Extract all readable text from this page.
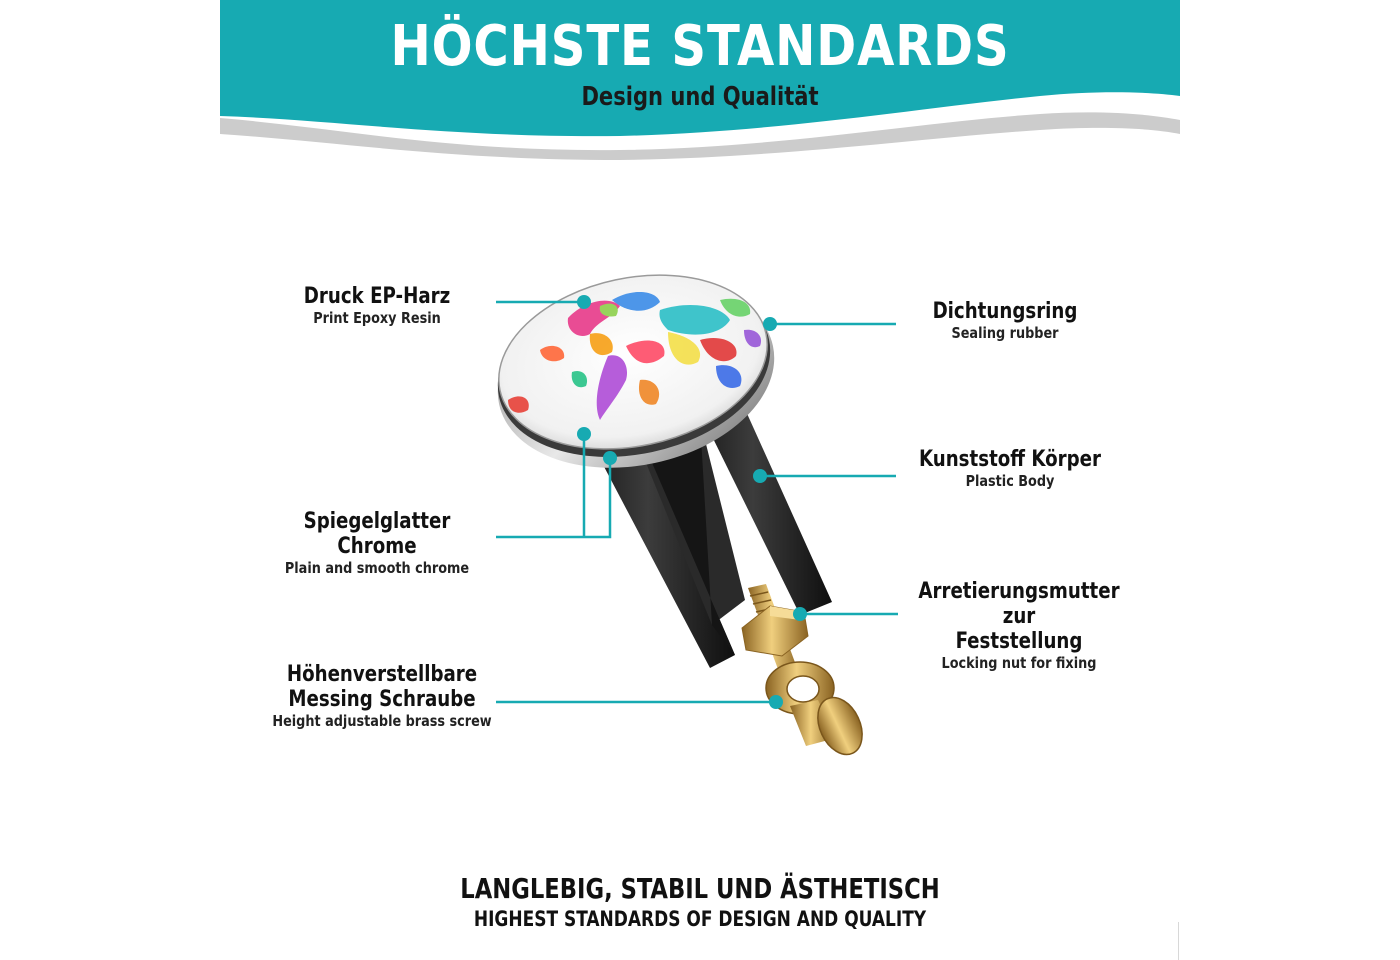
HÖCHSTE STANDARDS
Design und Qualität
Druck EP-Harz
Print Epoxy Resin	Dichtungsring
Sealing rubber
Kunststoff Körper
Plastic Body
Spiegelglatter Chrome
Plain and smooth chrome
Arretierungsmutter zur
Feststellung
Locking nut for fixing
Höhenverstellbare
Messing Schraube
Height adjustable brass screw
LANGLEBIG, STABIL UND ÄSTHETISCH
HIGHEST STANDARDS OF DESIGN AND QUALITY
